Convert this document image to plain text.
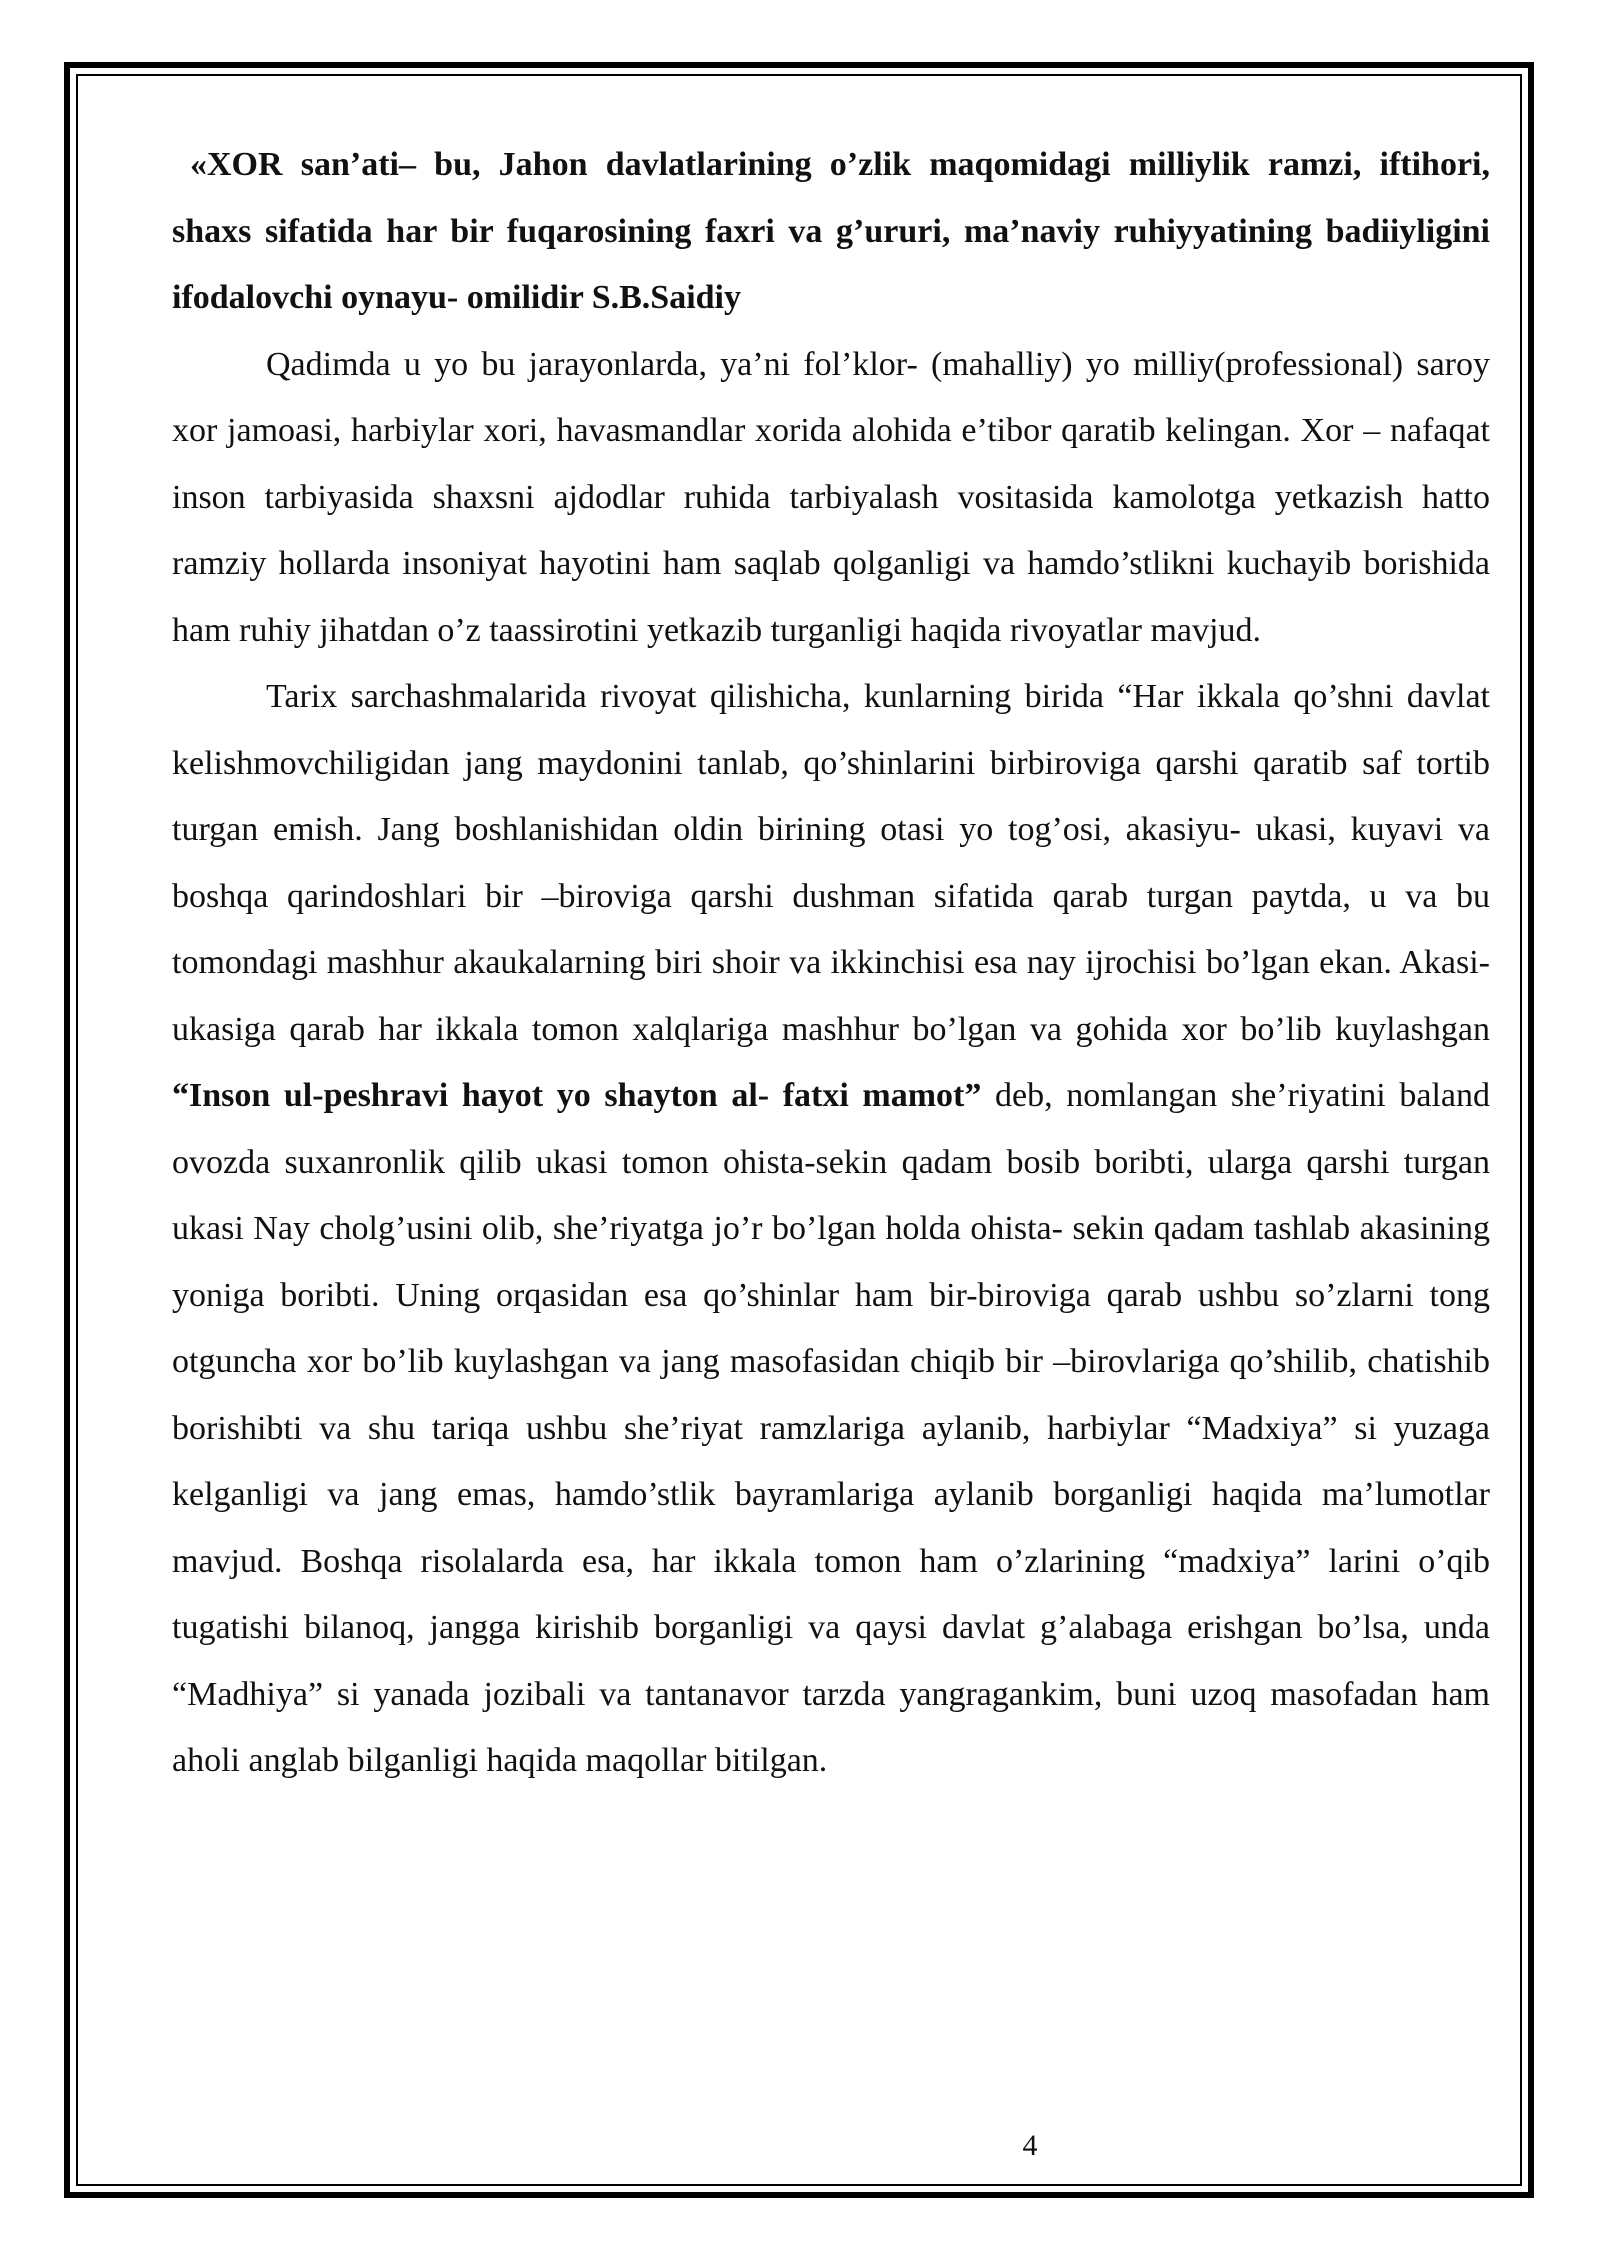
«XOR san’ati– bu, Jahon davlatlarining o’zlik maqomidagi milliylik ramzi, iftihori, shaxs sifatida har bir fuqarosining faxri va g’ururi, ma’naviy ruhiyyatining badiiyligini ifodalovchi oynayu- omilidir S.B.Saidiy

Qadimda u yo bu jarayonlarda, ya’ni fol’klor- (mahalliy) yo milliy(professional) saroy xor jamoasi, harbiylar xori, havasmandlar xorida alohida e’tibor qaratib kelingan. Xor – nafaqat inson tarbiyasida shaxsni ajdodlar ruhida tarbiyalash vositasida kamolotga yetkazish hatto ramziy hollarda insoniyat hayotini ham saqlab qolganligi va hamdo’stlikni kuchayib borishida ham ruhiy jihatdan o’z taassirotini yetkazib turganligi haqida rivoyatlar mavjud.

Tarix sarchashmalarida rivoyat qilishicha, kunlarning birida “Har ikkala qo’shni davlat kelishmovchiligidan jang maydonini tanlab, qo’shinlarini birbiroviga qarshi qaratib saf tortib turgan emish. Jang boshlanishidan oldin birining otasi yo tog’osi, akasiyu- ukasi, kuyavi va boshqa qarindoshlari bir –biroviga qarshi dushman sifatida qarab turgan paytda, u va bu tomondagi mashhur akaukalarning biri shoir va ikkinchisi esa nay ijrochisi bo’lgan ekan. Akasi- ukasiga qarab har ikkala tomon xalqlariga mashhur bo’lgan va gohida xor bo’lib kuylashgan “Inson ul-peshravi hayot yo shayton al- fatxi mamot” deb, nomlangan she’riyatini baland ovozda suxanronlik qilib ukasi tomon ohista-sekin qadam bosib boribti, ularga qarshi turgan ukasi Nay cholg’usini olib, she’riyatga jo’r bo’lgan holda ohista- sekin qadam tashlab akasining yoniga boribti. Uning orqasidan esa qo’shinlar ham bir-biroviga qarab ushbu so’zlarni tong otguncha xor bo’lib kuylashgan va jang masofasidan chiqib bir –birovlariga qo’shilib, chatishib borishibti va shu tariqa ushbu she’riyat ramzlariga aylanib, harbiylar “Madxiya” si yuzaga kelganligi va jang emas, hamdo’stlik bayramlariga aylanib borganligi haqida ma’lumotlar mavjud. Boshqa risolalarda esa, har ikkala tomon ham o’zlarining “madxiya” larini o’qib tugatishi bilanoq, jangga kirishib borganligi va qaysi davlat g’alabaga erishgan bo’lsa, unda “Madhiya” si yanada jozibali va tantanavor tarzda yangragankim, buni uzoq masofadan ham aholi anglab bilganligi haqida maqollar bitilgan.

4
